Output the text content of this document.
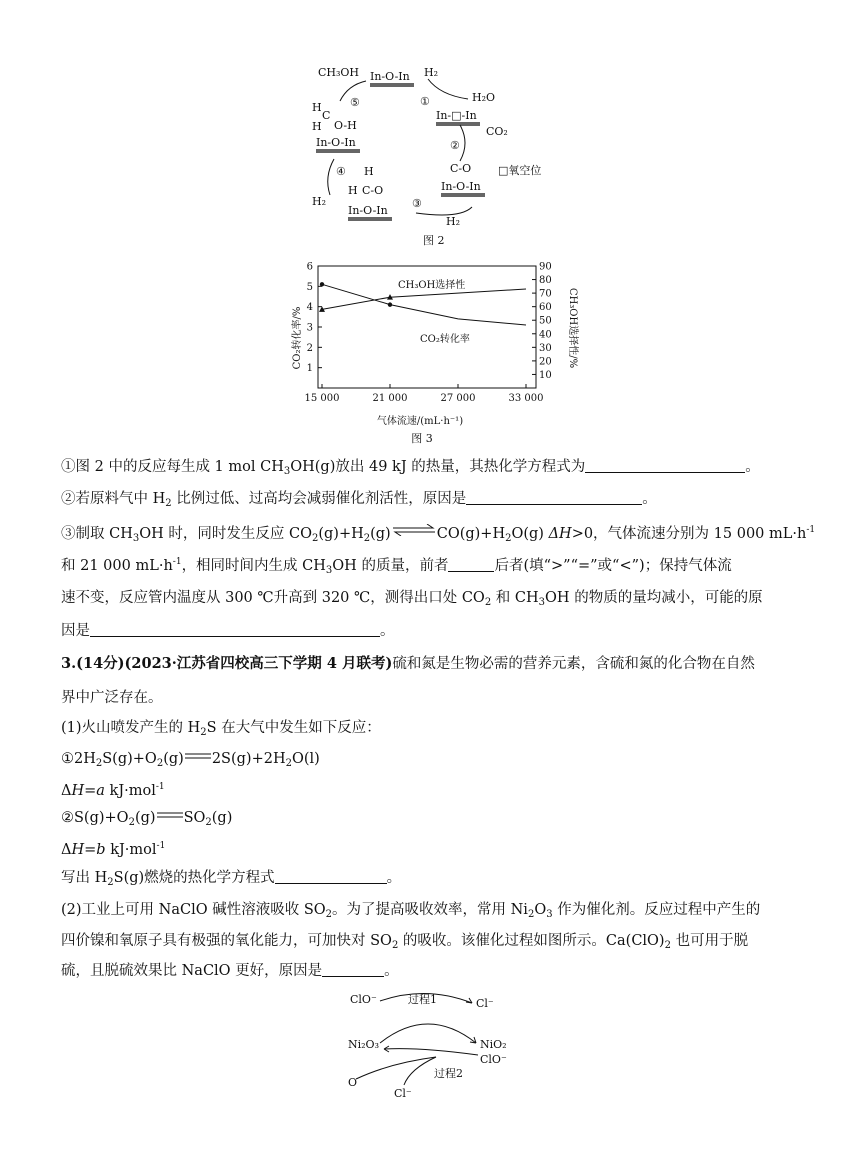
CH₃OH In-O-In H₂
①	H₂O
In-□-In
CO₂
②
□氧空位
C-O
In-O-In
③
H₂
H
H C-O
In-O-In
④
H₂
In-O-In
O-H
H
C
H
⑤
图 2
CO₂转化率/%	CH₃OH选择性/%
气体流速/(mL·h⁻¹)
图 3
CH₃OH选择性
CO₂转化率
1
2
3
4
5
6
10
20
30
40
50
60
70
80
90
15 000	21 000	27 000	33 000
①图 2 中的反应每生成 1 mol $CH_3OH(g)$放出 49 kJ 的热量，其热化学方程式为	。
②若原料气中 $H_2$ 比例过低、过高均会减弱催化剂活性，原因是	。
③制取 $CH_3OH$ 时，同时发生反应 $CO_2(g)+H_2(g)\rightleftharpoons CO(g)+H_2O(g)$ ΔH>0，气体流速分别为 15 000 $mL\cdot h^{-1}$
和 21 000 $mL\cdot h^{-1}$，相同时间内生成 $CH_3OH$ 的质量，前者	后者(填“>”“=”或“<”)；保持气体流
速不变，反应管内温度从 300 ℃升高到 320 ℃，测得出口处 $CO_2$ 和 $CH_3OH$ 的物质的量均减小，可能的原
因是	。
3.(14分)(2023·江苏省四校高三下学期 4 月联考)硫和氮是生物必需的营养元素，含硫和氮的化合物在自然
界中广泛存在。
(1)火山喷发产生的 $H_2S$ 在大气中发生如下反应：
$①2H_2S(g)+O_2(g)$ $2S(g)+2H_2O(l)$
ΔH=a kJ·mol$^{-1}$
$②S(g)+O_2(g)$ $SO_2(g)$
ΔH=b kJ·mol$^{-1}$
写出 $H_2S(g)$燃烧的热化学方程式	。
(2)工业上可用 NaClO 碱性溶液吸收 $SO_2$。为了提高吸收效率，常用 $Ni_2O_3$ 作为催化剂。反应过程中产生的
四价镍和氧原子具有极强的氧化能力，可加快对 $SO_2$ 的吸收。该催化过程如图所示。$Ca(ClO)_2$ 也可用于脱
硫，且脱硫效果比 NaClO 更好，原因是	。
ClO⁻	过程1	Cl⁻
Ni₂O₃	NiO₂
ClO⁻
O
过程2
Cl⁻
